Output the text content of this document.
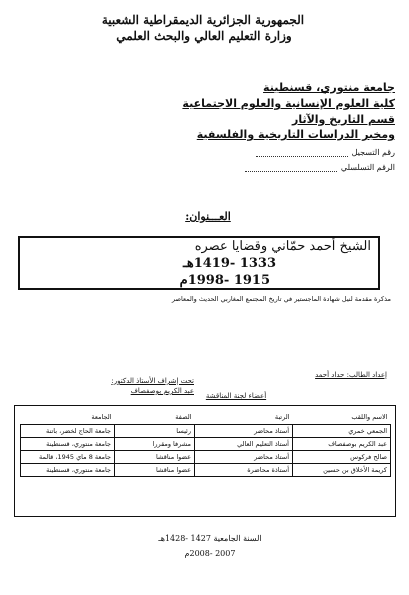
الجمهورية الجزائرية الديمقراطية الشعبية
وزارة التعليم العالي والبحث العلمي
جامعة منتوري، قسنطينة
كلية العلوم الإنسانية والعلوم الاجتماعية
قسم التاريخ والآثار
ومخبر الدراسات التاريخية والفلسفية
رقم التسجيل
الرقم التسلسلي
العـــنوان:
الشيخ أحمد حمّاني وقضايا عصره
1333 -1419هـ
1915 -1998م
مذكرة مقدمة لنيل شهادة الماجستير في تاريخ المجتمع المغاربي الحديث والمعاصر
إعداد الطالب: حداد أحمد
تحت إشراف الأستاذ الدكتور:
عبد الكريم بوصفصاف
أعضاء لجنة المناقشة
الاسم واللقب	الرتبة	الصفة	الجامعة
الجمعي خمري	أستاذ محاضر	رئيسا	جامعة الحاج لخضر، باتنة
عبد الكريم بوصفصاف	أستاذ التعليم العالي	مشرفا ومقررا	جامعة منتوري، قسنطينة
صالح فركوس	أستاذ محاضر	عضوا مناقشا	جامعة 8 ماي 1945، قالمة
كريمة الأخلاق بن حسين	أستاذة محاضرة	عضوا مناقشا	جامعة منتوري، قسنطينة
السنة الجامعية 1427 -1428هـ
2007 -2008م
